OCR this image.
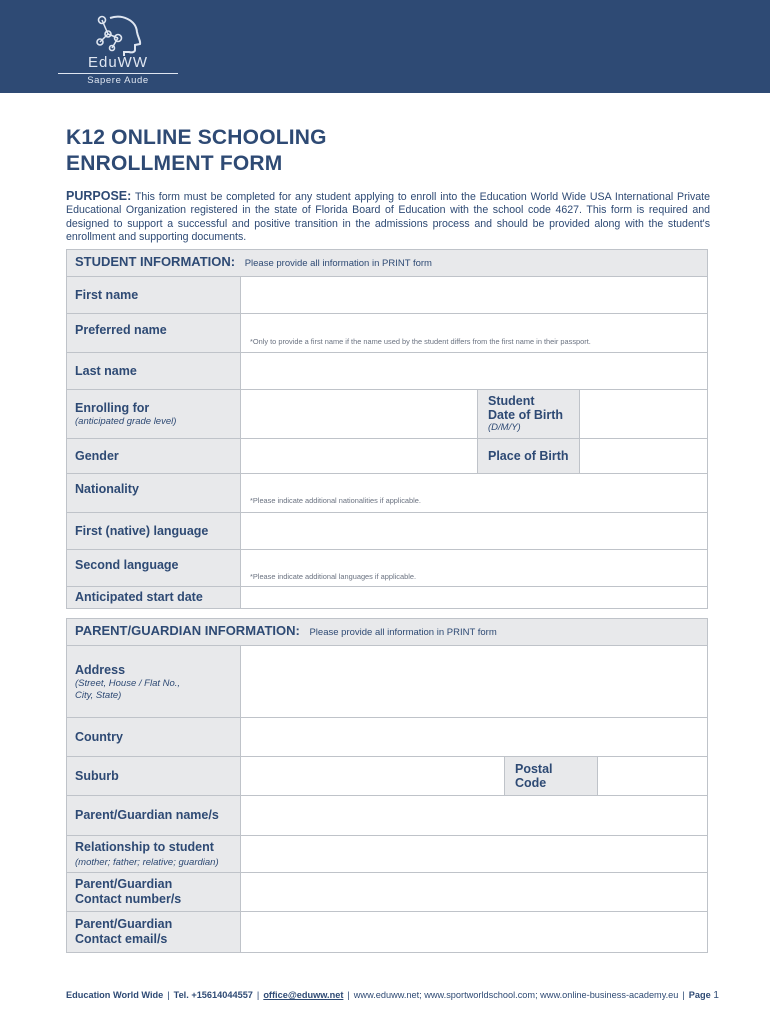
EduWW
Sapere Aude
K12 ONLINE SCHOOLING
ENROLLMENT FORM
PURPOSE: This form must be completed for any student applying to enroll into the Education World Wide USA International Private Educational Organization registered in the state of Florida Board of Education with the school code 4627. This form is required and designed to support a successful and positive transition in the admissions process and should be provided along with the student's enrollment and supporting documents.
STUDENT INFORMATION: Please provide all information in PRINT form
First name
Preferred name
*Only to provide a first name if the name used by the student differs from the first name in their passport.
Last name
Enrolling for
(anticipated grade level)
Student
Date of Birth
(D/M/Y)
Gender	Place of Birth
Nationality
*Please indicate additional nationalities if applicable.
First (native) language
Second language
*Please indicate additional languages if applicable.
Anticipated start date
PARENT/GUARDIAN INFORMATION: Please provide all information in PRINT form
Address
(Street, House / Flat No.,
City, State)
Country
Suburb	Postal Code
Parent/Guardian name/s
Relationship to student
(mother; father; relative; guardian)
Parent/Guardian
Contact number/s
Parent/Guardian
Contact email/s
Education World Wide | Tel. +15614044557 | office@eduww.net | www.eduww.net; www.sportworldschool.com; www.online-business-academy.eu | Page 1
